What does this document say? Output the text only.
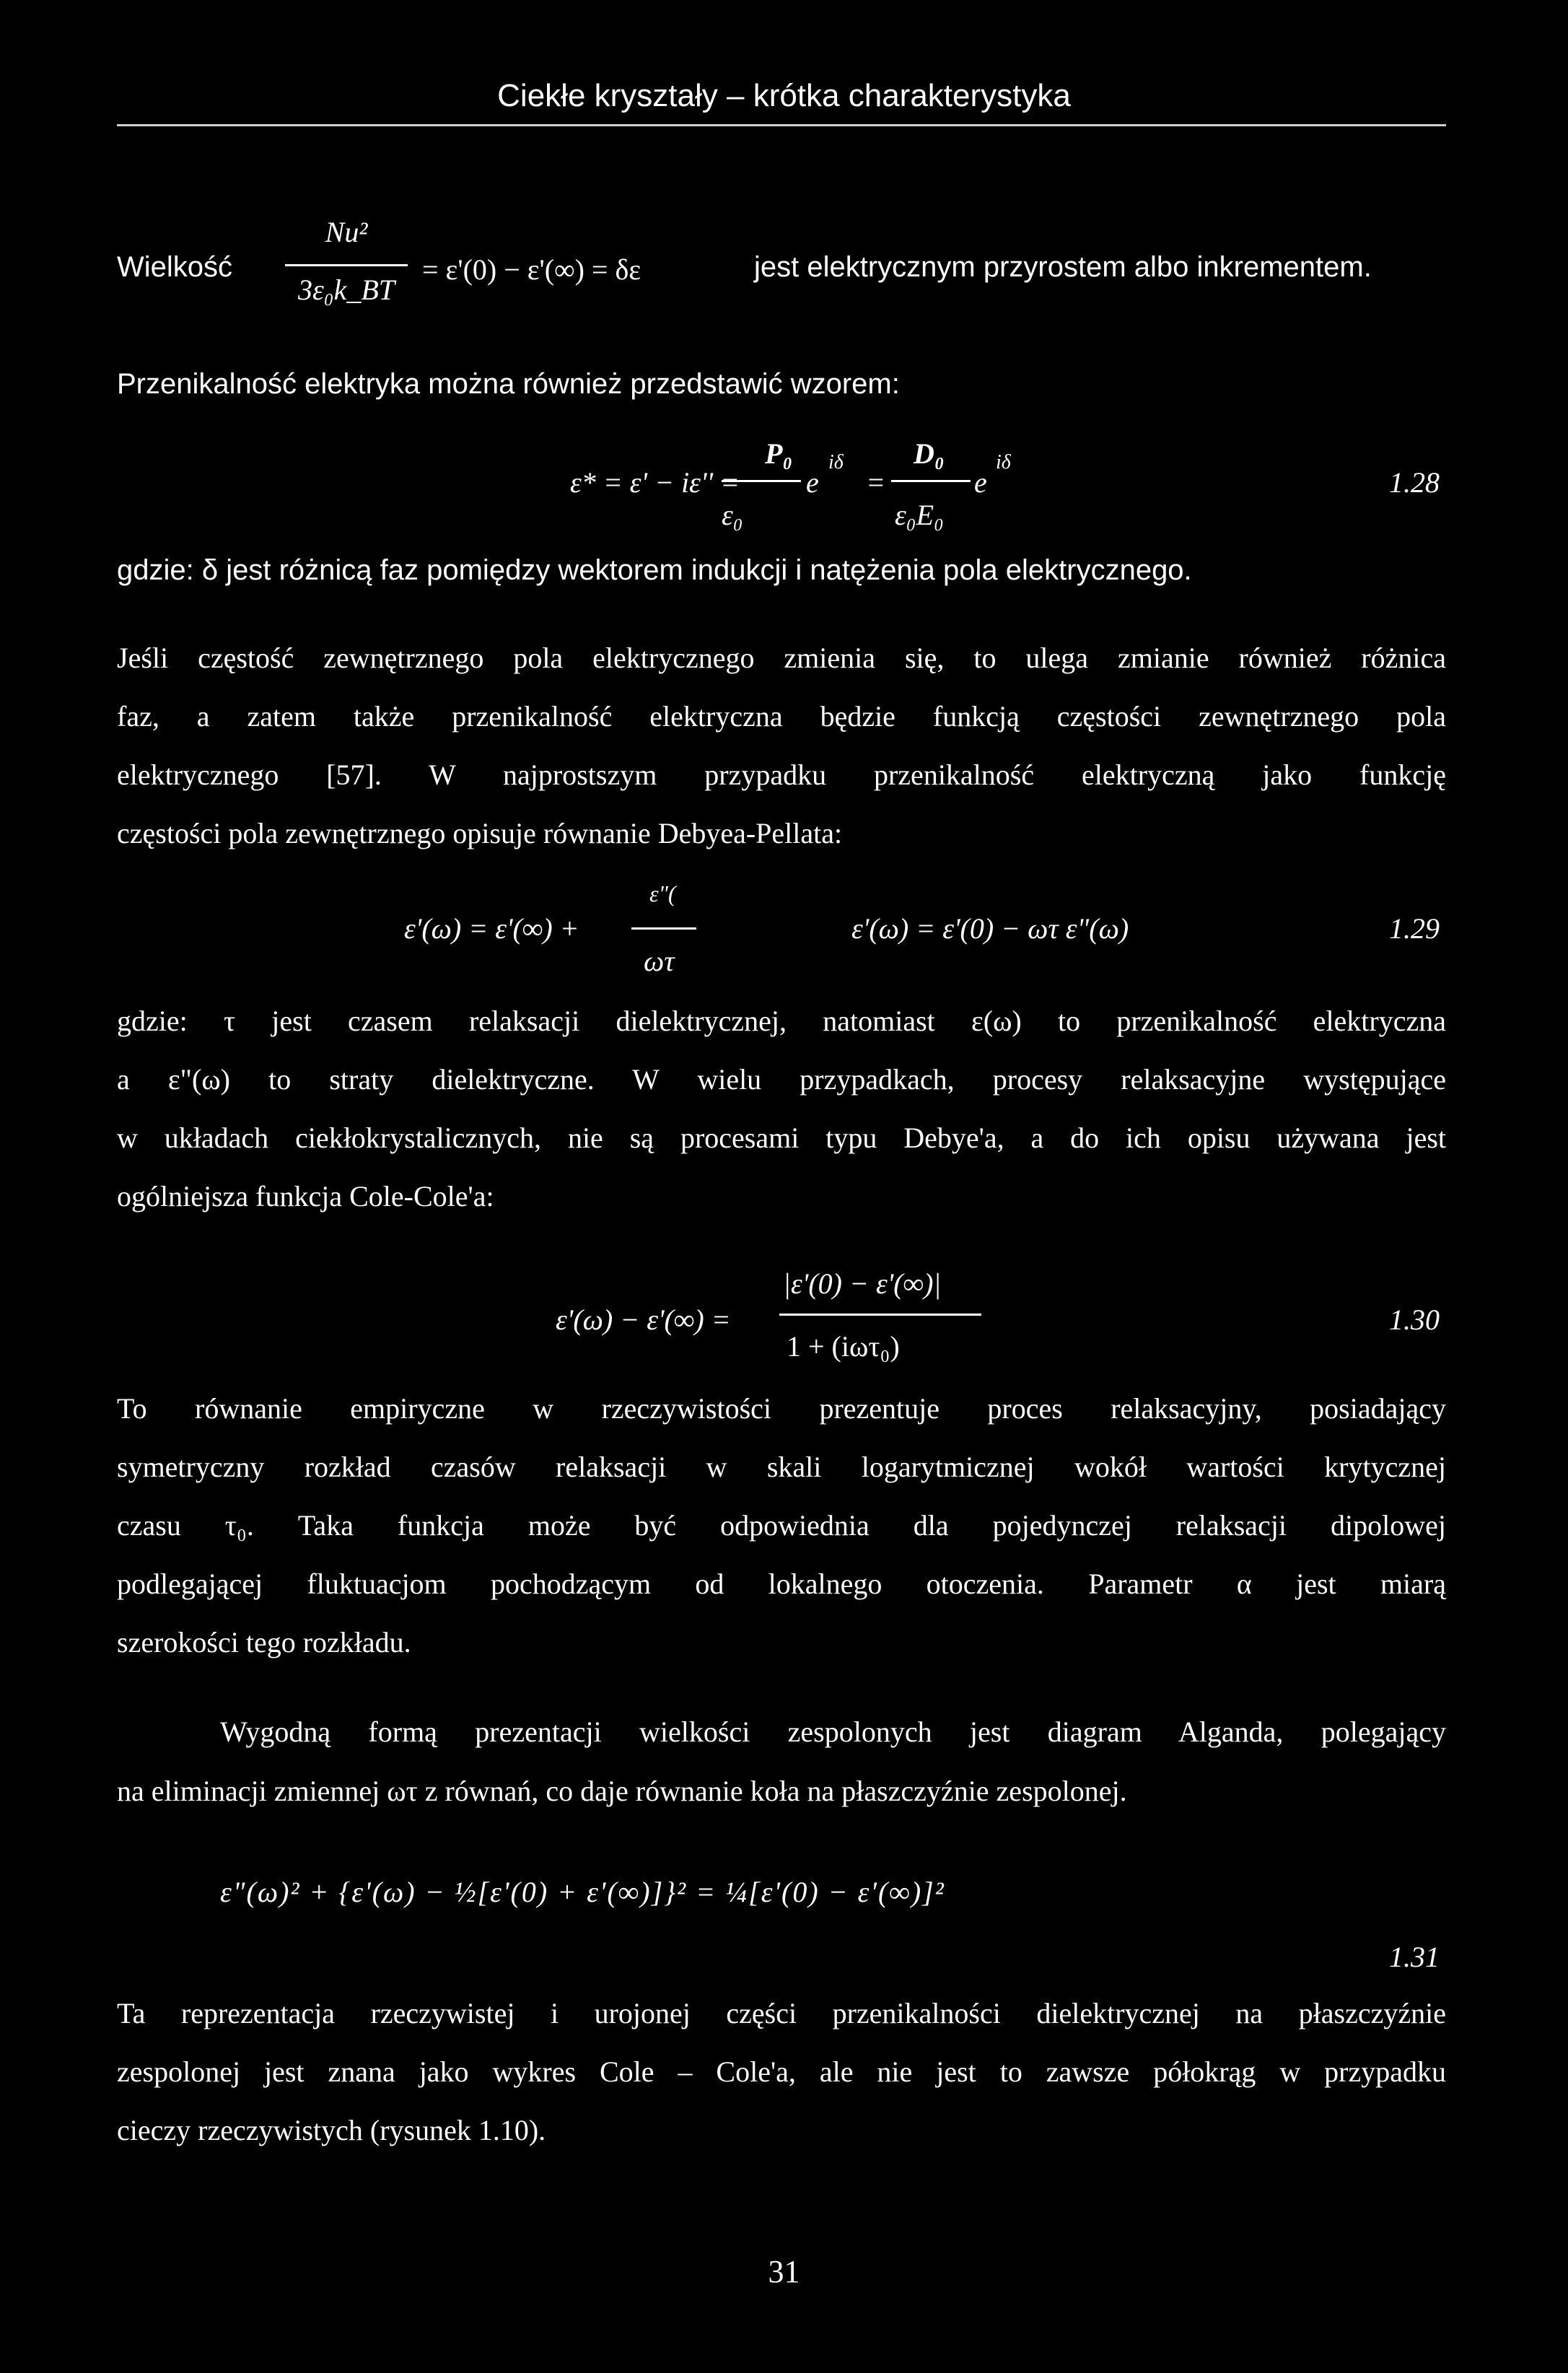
Ciekłe kryształy – krótka charakterystyka
Wielkość
Nu²
3ε₀k_BT
= ε'(0) − ε'(∞) = δε	jest elektrycznym przyrostem albo inkrementem.
Przenikalność elektryka można również przedstawić wzorem:
ε* = ε' − iε'' =
P₀
ε₀
e
iδ
=
D₀
ε₀E₀
e
iδ
1.28
gdzie: δ jest różnicą faz pomiędzy wektorem indukcji i natężenia pola elektrycznego.
Jeśli częstość zewnętrznego pola elektrycznego zmienia się, to ulega zmianie również różnica
faz, a zatem także przenikalność elektryczna będzie funkcją częstości zewnętrznego pola
elektrycznego [57]. W najprostszym przypadku przenikalność elektryczną jako funkcję
częstości pola zewnętrznego opisuje równanie Debyea-Pellata:
ε'(ω) = ε'(∞) +
ε"(
ωτ
ε'(ω) = ε'(0) − ωτ ε"(ω)	1.29
gdzie: τ jest czasem relaksacji dielektrycznej, natomiast ε(ω) to przenikalność elektryczna
a ε"(ω) to straty dielektryczne. W wielu przypadkach, procesy relaksacyjne występujące
w układach ciekłokrystalicznych, nie są procesami typu Debye'a, a do ich opisu używana jest
ogólniejsza funkcja Cole-Cole'a:
ε'(ω) − ε'(∞) =
|ε'(0) − ε'(∞)|
1 + (iωτ₀)
1.30
To równanie empiryczne w rzeczywistości prezentuje proces relaksacyjny, posiadający
symetryczny rozkład czasów relaksacji w skali logarytmicznej wokół wartości krytycznej
czasu τ₀. Taka funkcja może być odpowiednia dla pojedynczej relaksacji dipolowej
podlegającej fluktuacjom pochodzącym od lokalnego otoczenia. Parametr α jest miarą
szerokości tego rozkładu.
Wygodną formą prezentacji wielkości zespolonych jest diagram Alganda, polegający
na eliminacji zmiennej ωτ z równań, co daje równanie koła na płaszczyźnie zespolonej.
ε"(ω)² + {ε'(ω) − ½[ε'(0) + ε'(∞)]}² = ¼[ε'(0) − ε'(∞)]²
1.31
Ta reprezentacja rzeczywistej i urojonej części przenikalności dielektrycznej na płaszczyźnie
zespolonej jest znana jako wykres Cole – Cole'a, ale nie jest to zawsze półokrąg w przypadku
cieczy rzeczywistych (rysunek 1.10).
31
